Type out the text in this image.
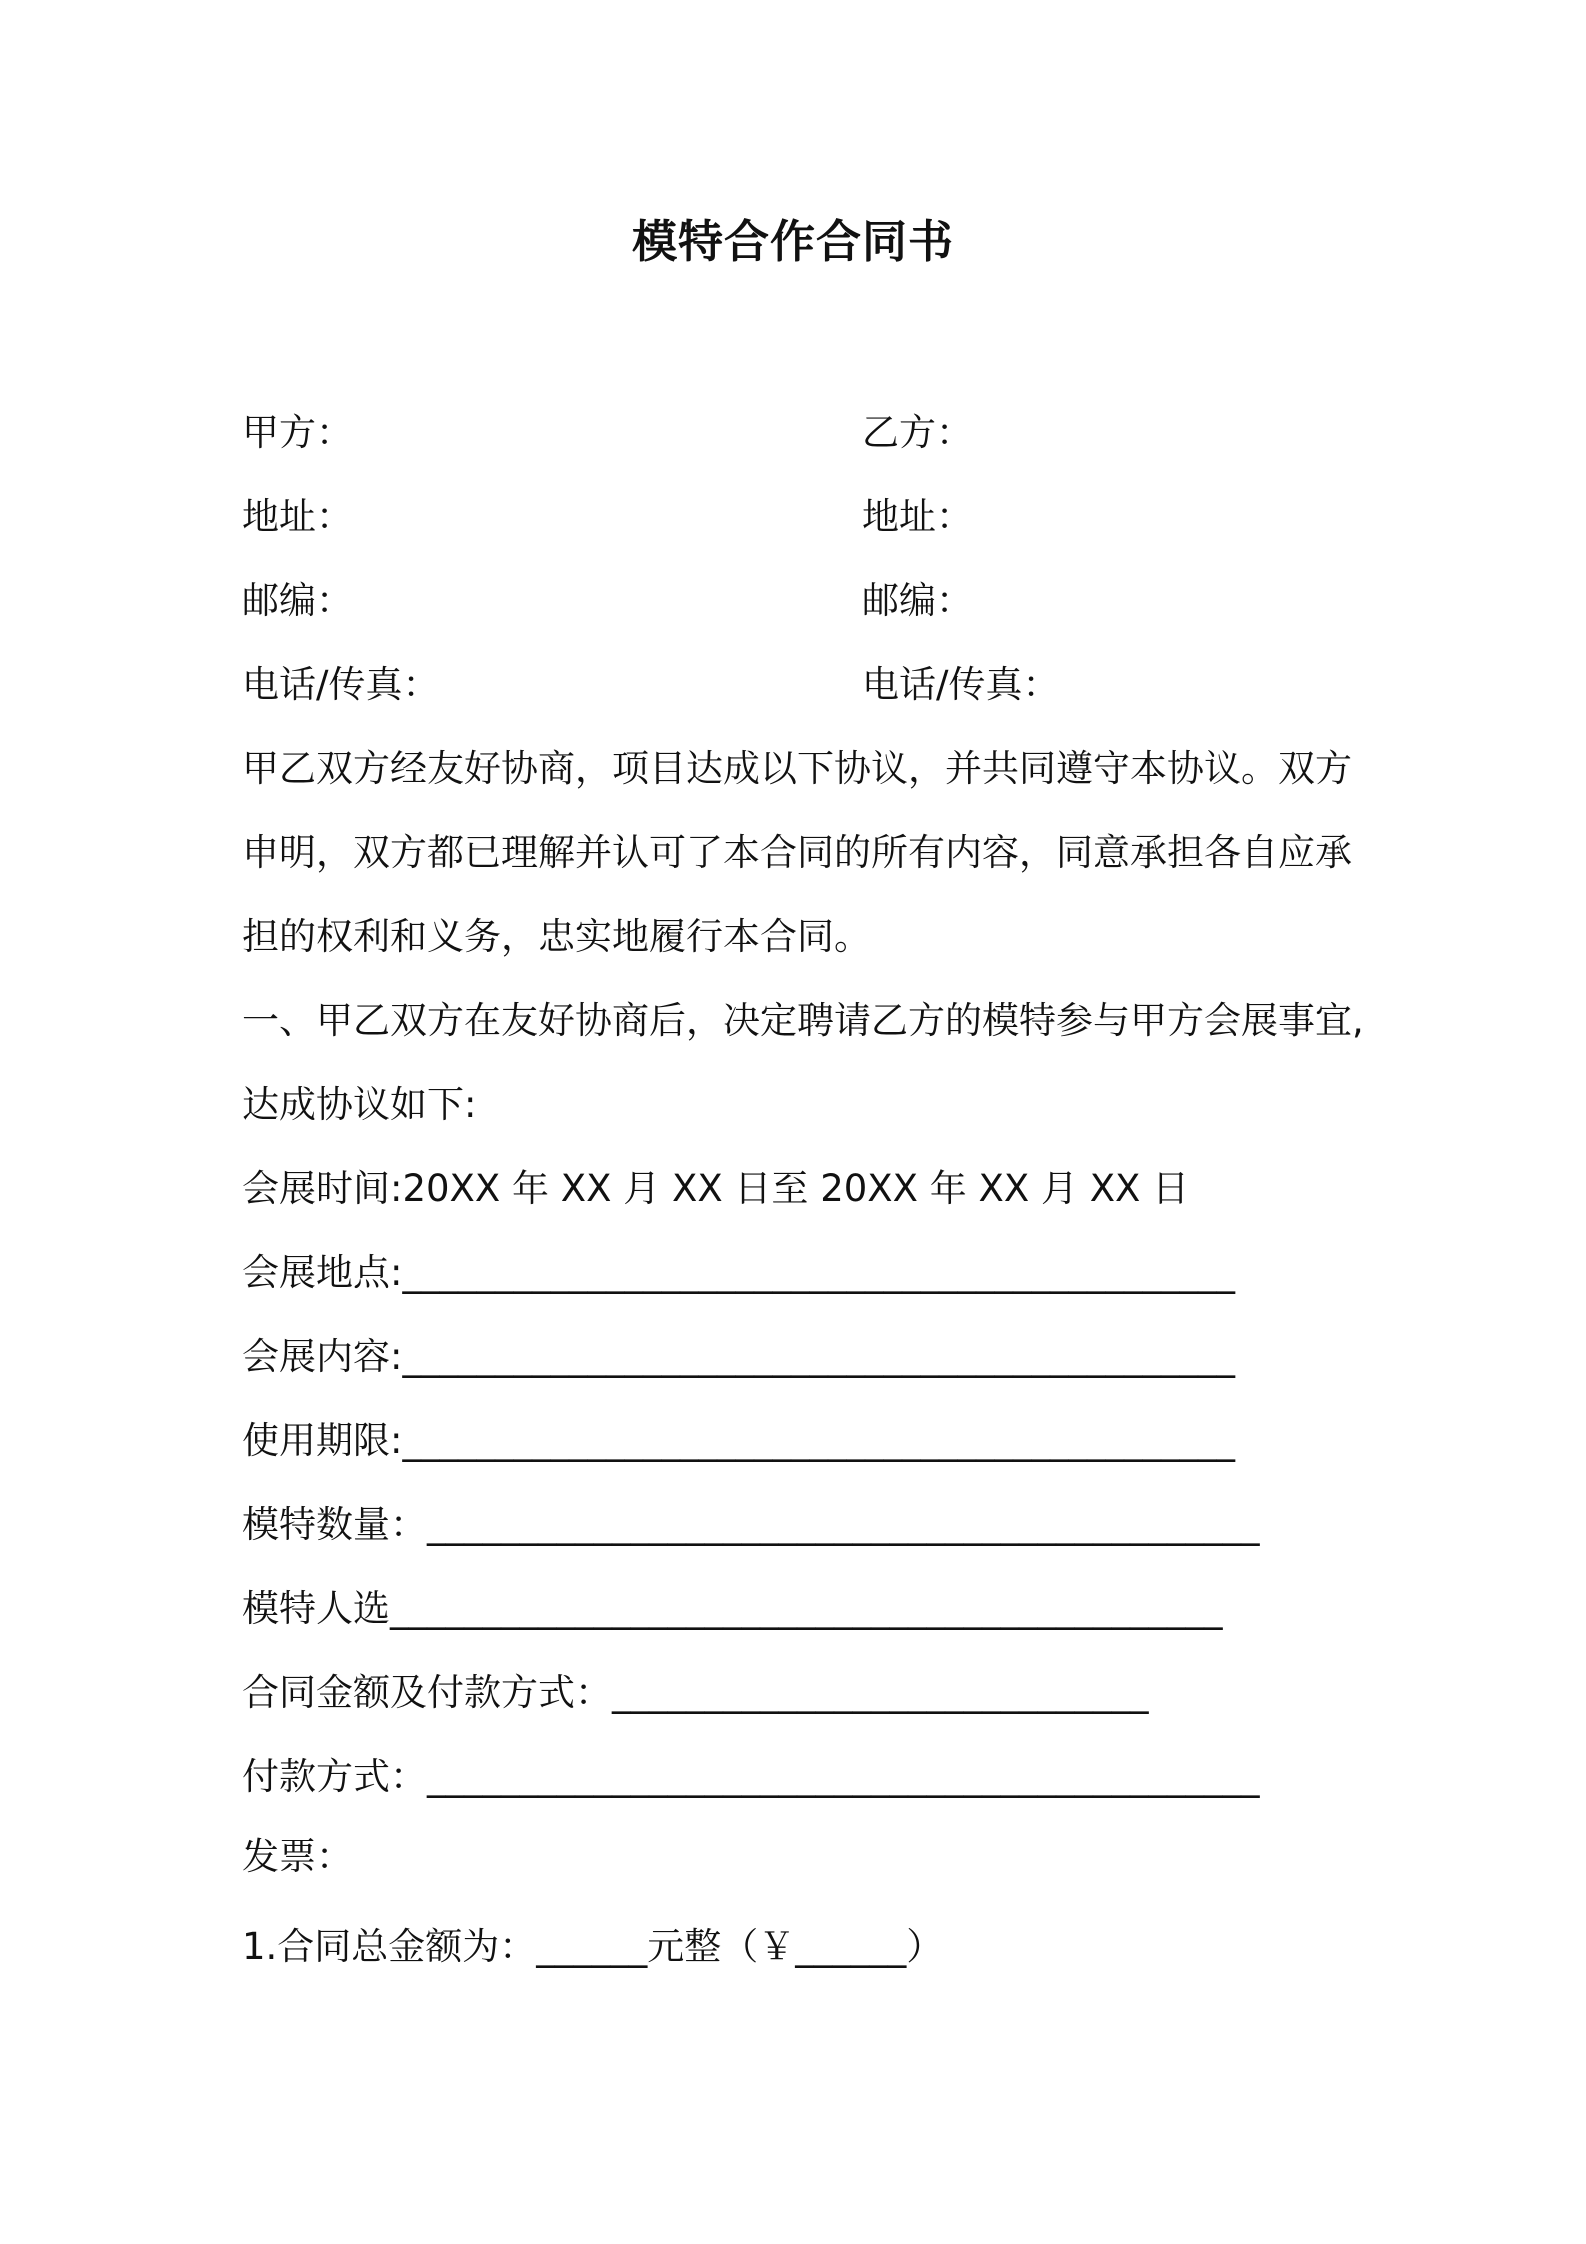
模特合作合同书
甲方：	乙方：
地址：	地址：
邮编：	邮编：
电话/传真：	电话/传真：
甲乙双方经友好协商，项目达成以下协议，并共同遵守本协议。双方
申明，双方都已理解并认可了本合同的所有内容，同意承担各自应承
担的权利和义务，忠实地履行本合同。
一、甲乙双方在友好协商后，决定聘请乙方的模特参与甲方会展事宜,
达成协议如下:
会展时间:20XX 年 XX 月 XX 日至 20XX 年 XX 月 XX 日
会展地点:_____________________________________________
会展内容:_____________________________________________
使用期限:_____________________________________________
模特数量：_____________________________________________
模特人选_____________________________________________
合同金额及付款方式：_____________________________
付款方式：_____________________________________________
发票：
1.合同总金额为：______元整（￥______）
